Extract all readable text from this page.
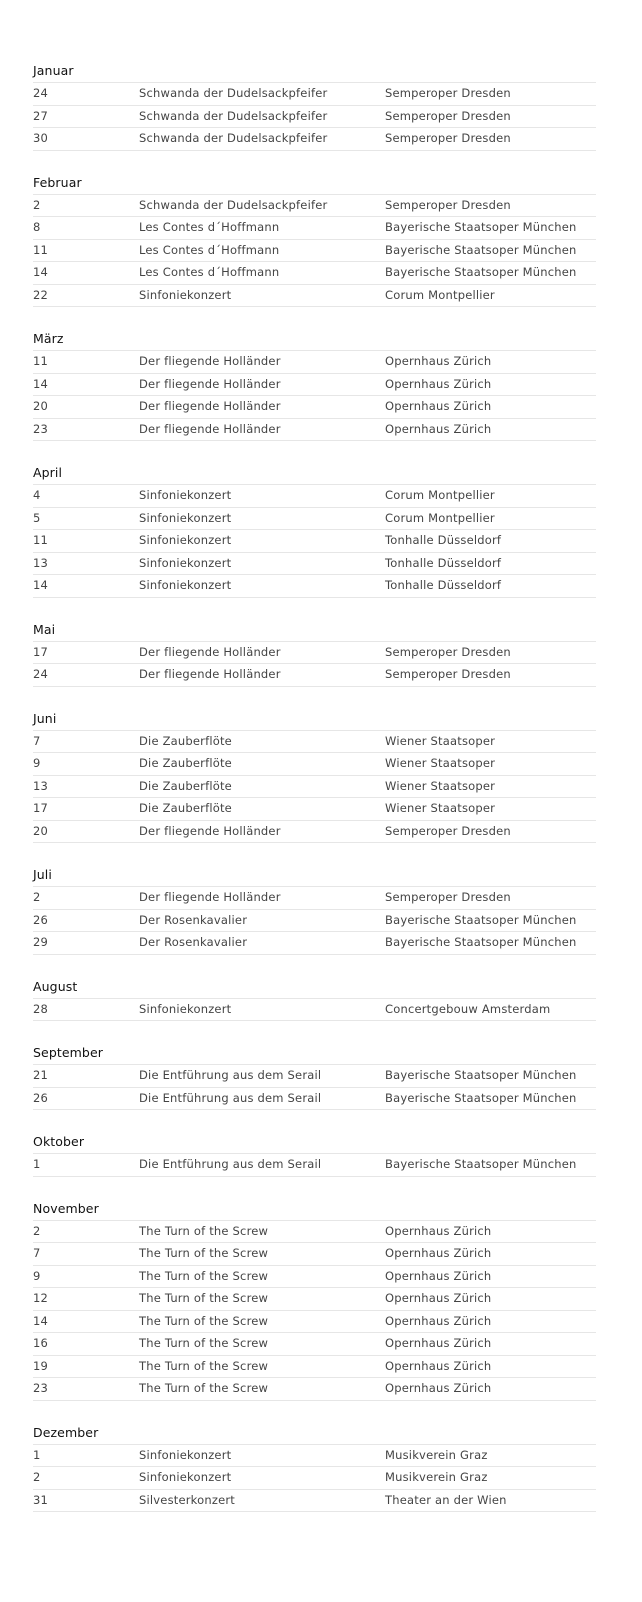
Januar
24	Schwanda der Dudelsackpfeifer	Semperoper Dresden
27	Schwanda der Dudelsackpfeifer	Semperoper Dresden
30	Schwanda der Dudelsackpfeifer	Semperoper Dresden
Februar
2	Schwanda der Dudelsackpfeifer	Semperoper Dresden
8	Les Contes d´Hoffmann	Bayerische Staatsoper München
11	Les Contes d´Hoffmann	Bayerische Staatsoper München
14	Les Contes d´Hoffmann	Bayerische Staatsoper München
22	Sinfoniekonzert	Corum Montpellier
März
11	Der fliegende Holländer	Opernhaus Zürich
14	Der fliegende Holländer	Opernhaus Zürich
20	Der fliegende Holländer	Opernhaus Zürich
23	Der fliegende Holländer	Opernhaus Zürich
April
4	Sinfoniekonzert	Corum Montpellier
5	Sinfoniekonzert	Corum Montpellier
11	Sinfoniekonzert	Tonhalle Düsseldorf
13	Sinfoniekonzert	Tonhalle Düsseldorf
14	Sinfoniekonzert	Tonhalle Düsseldorf
Mai
17	Der fliegende Holländer	Semperoper Dresden
24	Der fliegende Holländer	Semperoper Dresden
Juni
7	Die Zauberflöte	Wiener Staatsoper
9	Die Zauberflöte	Wiener Staatsoper
13	Die Zauberflöte	Wiener Staatsoper
17	Die Zauberflöte	Wiener Staatsoper
20	Der fliegende Holländer	Semperoper Dresden
Juli
2	Der fliegende Holländer	Semperoper Dresden
26	Der Rosenkavalier	Bayerische Staatsoper München
29	Der Rosenkavalier	Bayerische Staatsoper München
August
28	Sinfoniekonzert	Concertgebouw Amsterdam
September
21	Die Entführung aus dem Serail	Bayerische Staatsoper München
26	Die Entführung aus dem Serail	Bayerische Staatsoper München
Oktober
1	Die Entführung aus dem Serail	Bayerische Staatsoper München
November
2	The Turn of the Screw	Opernhaus Zürich
7	The Turn of the Screw	Opernhaus Zürich
9	The Turn of the Screw	Opernhaus Zürich
12	The Turn of the Screw	Opernhaus Zürich
14	The Turn of the Screw	Opernhaus Zürich
16	The Turn of the Screw	Opernhaus Zürich
19	The Turn of the Screw	Opernhaus Zürich
23	The Turn of the Screw	Opernhaus Zürich
Dezember
1	Sinfoniekonzert	Musikverein Graz
2	Sinfoniekonzert	Musikverein Graz
31	Silvesterkonzert	Theater an der Wien
